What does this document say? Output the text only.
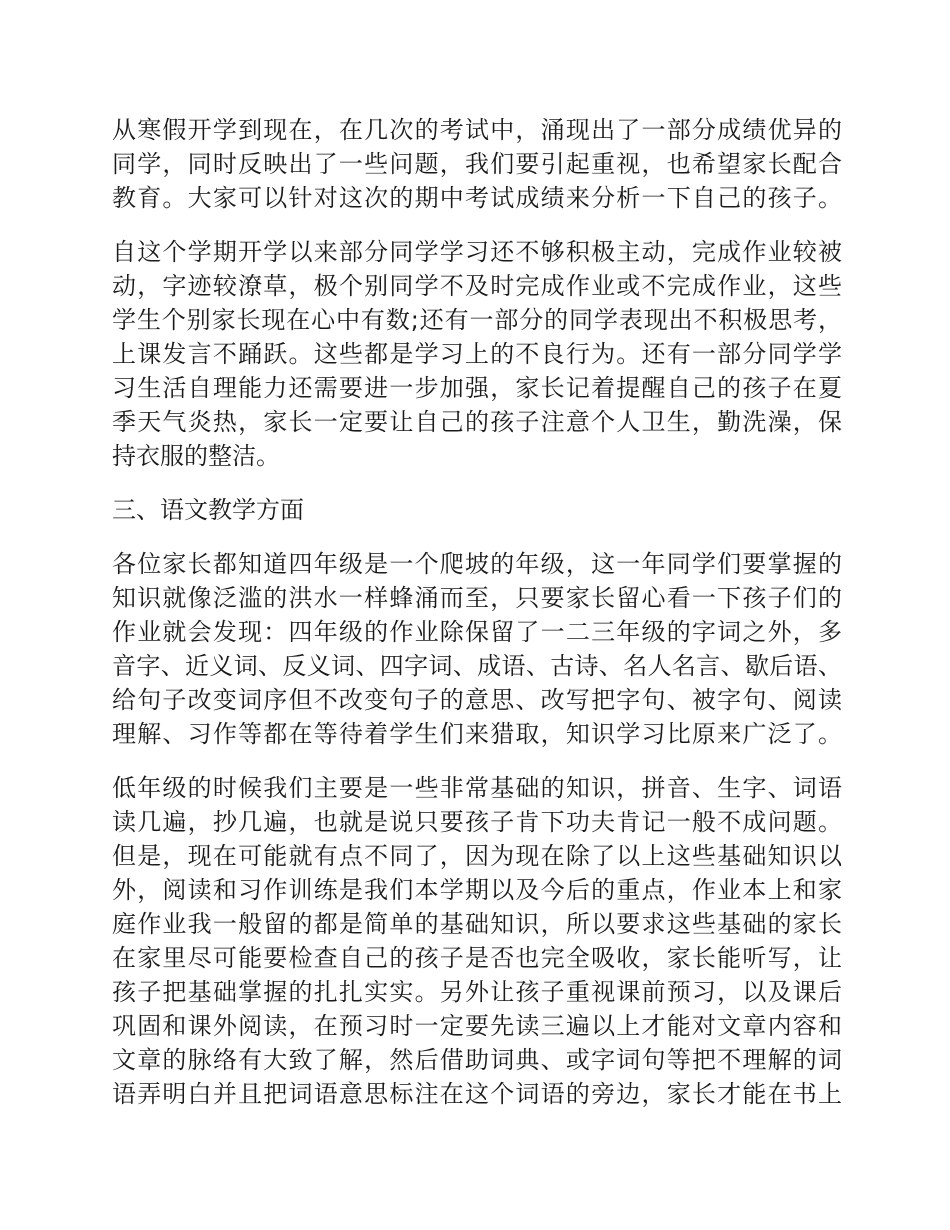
从寒假开学到现在，在几次的考试中，涌现出了一部分成绩优异的
同学，同时反映出了一些问题，我们要引起重视，也希望家长配合
教育。大家可以针对这次的期中考试成绩来分析一下自己的孩子。
自这个学期开学以来部分同学学习还不够积极主动，完成作业较被
动，字迹较潦草，极个别同学不及时完成作业或不完成作业，这些
学生个别家长现在心中有数;还有一部分的同学表现出不积极思考，
上课发言不踊跃。这些都是学习上的不良行为。还有一部分同学学
习生活自理能力还需要进一步加强，家长记着提醒自己的孩子在夏
季天气炎热，家长一定要让自己的孩子注意个人卫生，勤洗澡，保
持衣服的整洁。
三、语文教学方面
各位家长都知道四年级是一个爬坡的年级，这一年同学们要掌握的
知识就像泛滥的洪水一样蜂涌而至，只要家长留心看一下孩子们的
作业就会发现：四年级的作业除保留了一二三年级的字词之外，多
音字、近义词、反义词、四字词、成语、古诗、名人名言、歇后语、
给句子改变词序但不改变句子的意思、改写把字句、被字句、阅读
理解、习作等都在等待着学生们来猎取，知识学习比原来广泛了。
低年级的时候我们主要是一些非常基础的知识，拼音、生字、词语
读几遍，抄几遍，也就是说只要孩子肯下功夫肯记一般不成问题。
但是，现在可能就有点不同了，因为现在除了以上这些基础知识以
外，阅读和习作训练是我们本学期以及今后的重点，作业本上和家
庭作业我一般留的都是简单的基础知识，所以要求这些基础的家长
在家里尽可能要检查自己的孩子是否也完全吸收，家长能听写，让
孩子把基础掌握的扎扎实实。另外让孩子重视课前预习，以及课后
巩固和课外阅读，在预习时一定要先读三遍以上才能对文章内容和
文章的脉络有大致了解，然后借助词典、或字词句等把不理解的词
语弄明白并且把词语意思标注在这个词语的旁边，家长才能在书上
